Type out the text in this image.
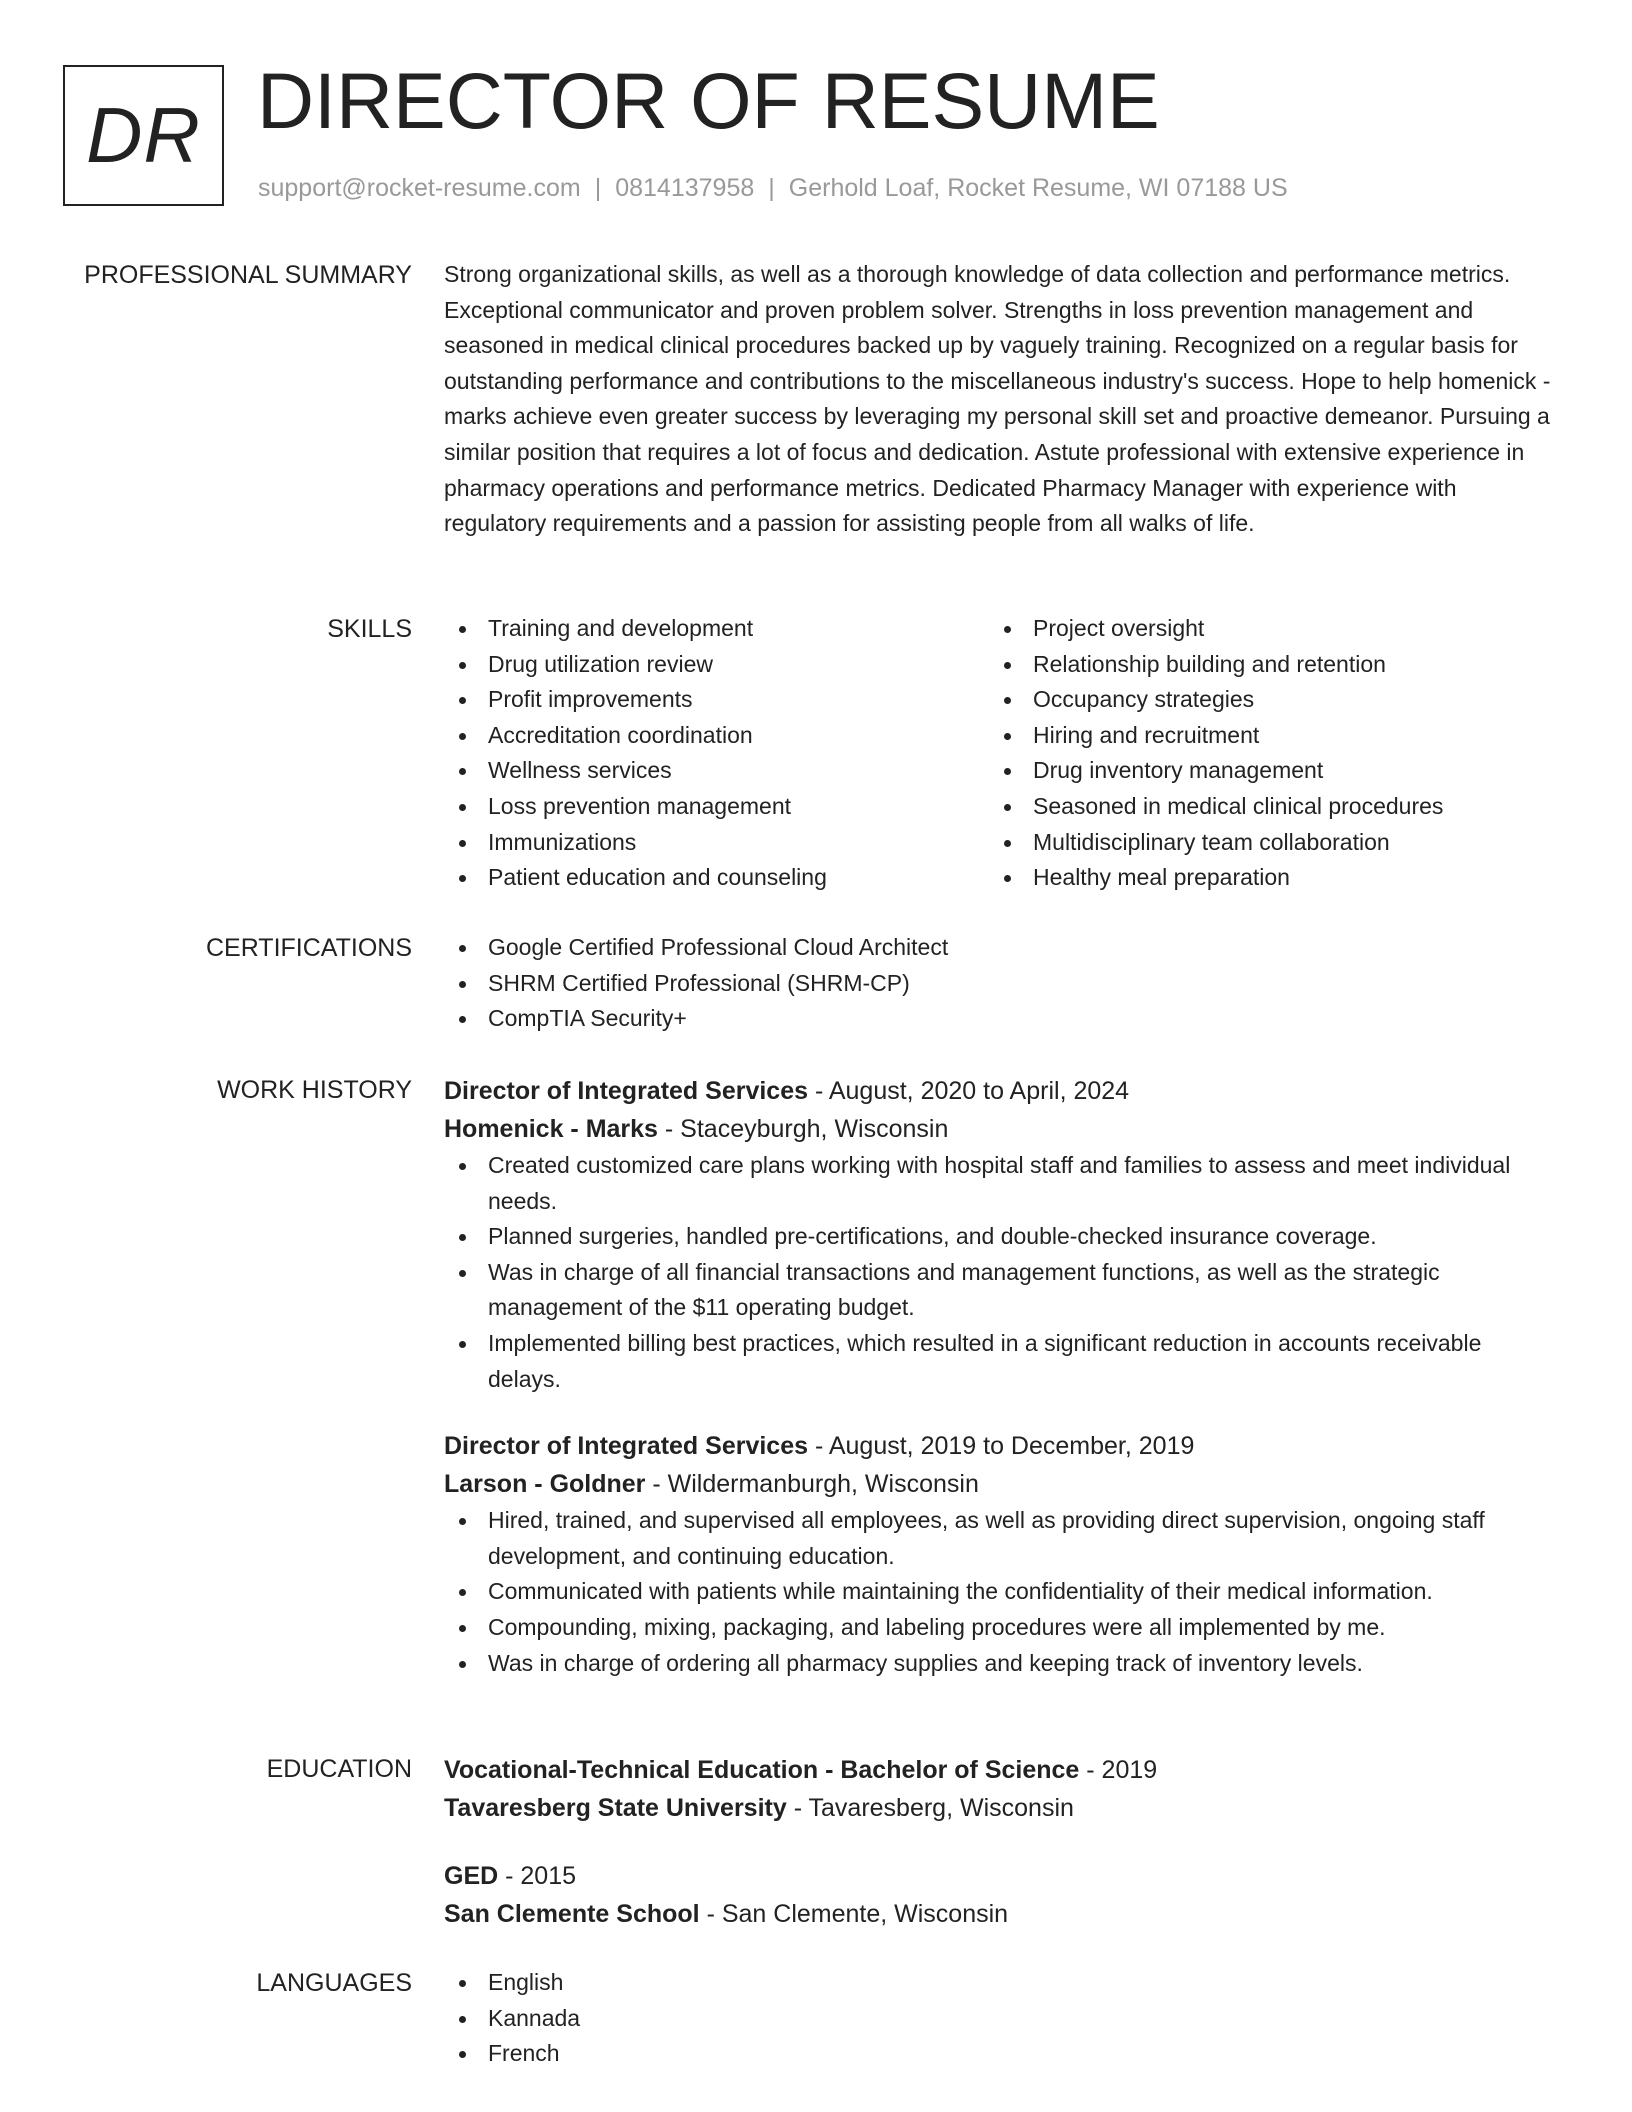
DR DIRECTOR OF RESUME
support@rocket-resume.com | 0814137958 | Gerhold Loaf, Rocket Resume, WI 07188 US
PROFESSIONAL SUMMARY Strong organizational skills, as well as a thorough knowledge of data collection and performance metrics. Exceptional communicator and proven problem solver. Strengths in loss prevention management and seasoned in medical clinical procedures backed up by vaguely training. Recognized on a regular basis for outstanding performance and contributions to the miscellaneous industry's success. Hope to help homenick - marks achieve even greater success by leveraging my personal skill set and proactive demeanor. Pursuing a similar position that requires a lot of focus and dedication. Astute professional with extensive experience in pharmacy operations and performance metrics. Dedicated Pharmacy Manager with experience with regulatory requirements and a passion for assisting people from all walks of life.
SKILLS	Training and development
Drug utilization review
Profit improvements
Accreditation coordination
Wellness services
Loss prevention management
Immunizations
Patient education and counseling
Project oversight
Relationship building and retention
Occupancy strategies
Hiring and recruitment
Drug inventory management
Seasoned in medical clinical procedures
Multidisciplinary team collaboration
Healthy meal preparation
CERTIFICATIONS	Google Certified Professional Cloud Architect
SHRM Certified Professional (SHRM-CP)
CompTIA Security+
WORK HISTORY Director of Integrated Services - August, 2020 to April, 2024
Homenick - Marks - Staceyburgh, Wisconsin
Created customized care plans working with hospital staff and families to assess and meet individual needs.
Planned surgeries, handled pre-certifications, and double-checked insurance coverage.
Was in charge of all financial transactions and management functions, as well as the strategic management of the $11 operating budget.
Implemented billing best practices, which resulted in a significant reduction in accounts receivable delays.
Director of Integrated Services - August, 2019 to December, 2019
Larson - Goldner - Wildermanburgh, Wisconsin
Hired, trained, and supervised all employees, as well as providing direct supervision, ongoing staff development, and continuing education.
Communicated with patients while maintaining the confidentiality of their medical information.
Compounding, mixing, packaging, and labeling procedures were all implemented by me.
Was in charge of ordering all pharmacy supplies and keeping track of inventory levels.
EDUCATION Vocational-Technical Education - Bachelor of Science - 2019
Tavaresberg State University - Tavaresberg, Wisconsin
GED - 2015
San Clemente School - San Clemente, Wisconsin
LANGUAGES	English
Kannada
French
